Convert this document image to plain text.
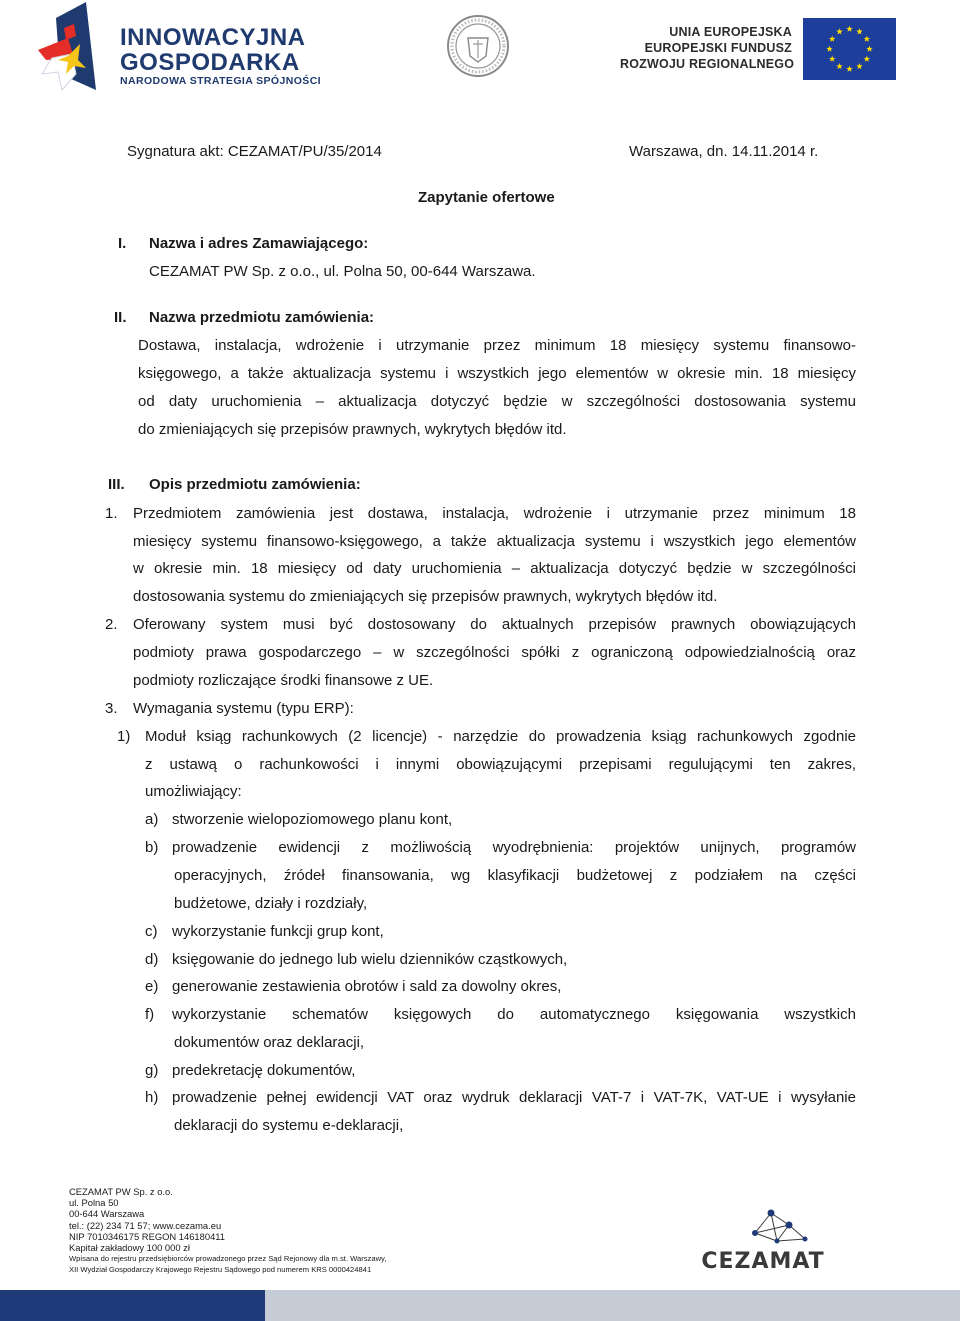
INNOWACYJNA
GOSPODARKA
NARODOWA STRATEGIA SPÓJNOŚCI
UNIA EUROPEJSKA
EUROPEJSKI FUNDUSZ
ROZWOJU REGIONALNEGO
Sygnatura akt: CEZAMAT/PU/35/2014	Warszawa, dn. 14.11.2014 r.
Zapytanie ofertowe
I. Nazwa i adres Zamawiającego:
CEZAMAT PW Sp. z o.o., ul. Polna 50, 00-644 Warszawa.
II. Nazwa przedmiotu zamówienia:
Dostawa, instalacja, wdrożenie i utrzymanie przez minimum 18 miesięcy systemu finansowo-
księgowego, a także aktualizacja systemu i wszystkich jego elementów w okresie min. 18 miesięcy
od daty uruchomienia – aktualizacja dotyczyć będzie w szczególności dostosowania systemu
do zmieniających się przepisów prawnych, wykrytych błędów itd.
III. Opis przedmiotu zamówienia:
1. Przedmiotem zamówienia jest dostawa, instalacja, wdrożenie i utrzymanie przez minimum 18
miesięcy systemu finansowo-księgowego, a także aktualizacja systemu i wszystkich jego elementów
w okresie min. 18 miesięcy od daty uruchomienia – aktualizacja dotyczyć będzie w szczególności
dostosowania systemu do zmieniających się przepisów prawnych, wykrytych błędów itd.
2. Oferowany system musi być dostosowany do aktualnych przepisów prawnych obowiązujących
podmioty prawa gospodarczego – w szczególności spółki z ograniczoną odpowiedzialnością oraz
podmioty rozliczające środki finansowe z UE.
3. Wymagania systemu (typu ERP):
1) Moduł ksiąg rachunkowych (2 licencje) - narzędzie do prowadzenia ksiąg rachunkowych zgodnie
z ustawą o rachunkowości i innymi obowiązującymi przepisami regulującymi ten zakres,
umożliwiający:
a) stworzenie wielopoziomowego planu kont,
b) prowadzenie ewidencji z możliwością wyodrębnienia: projektów unijnych, programów
operacyjnych, źródeł finansowania, wg klasyfikacji budżetowej z podziałem na części
budżetowe, działy i rozdziały,
c) wykorzystanie funkcji grup kont,
d) księgowanie do jednego lub wielu dzienników cząstkowych,
e) generowanie zestawienia obrotów i sald za dowolny okres,
f) wykorzystanie schematów księgowych do automatycznego księgowania wszystkich
dokumentów oraz deklaracji,
g) predekretację dokumentów,
h) prowadzenie pełnej ewidencji VAT oraz wydruk deklaracji VAT-7 i VAT-7K, VAT-UE i wysyłanie
deklaracji do systemu e-deklaracji,
CEZAMAT PW Sp. z o.o.
ul. Polna 50
00-644 Warszawa
tel.: (22) 234 71 57; www.cezama.eu
NIP 7010346175 REGON 146180411
Kapitał zakładowy 100 000 zł
Wpisana do rejestru przedsiębiorców prowadzonego przez Sąd Rejonowy dla m.st. Warszawy,
XII Wydział Gospodarczy Krajowego Rejestru Sądowego pod numerem KRS 0000424841	CEZAMAT
